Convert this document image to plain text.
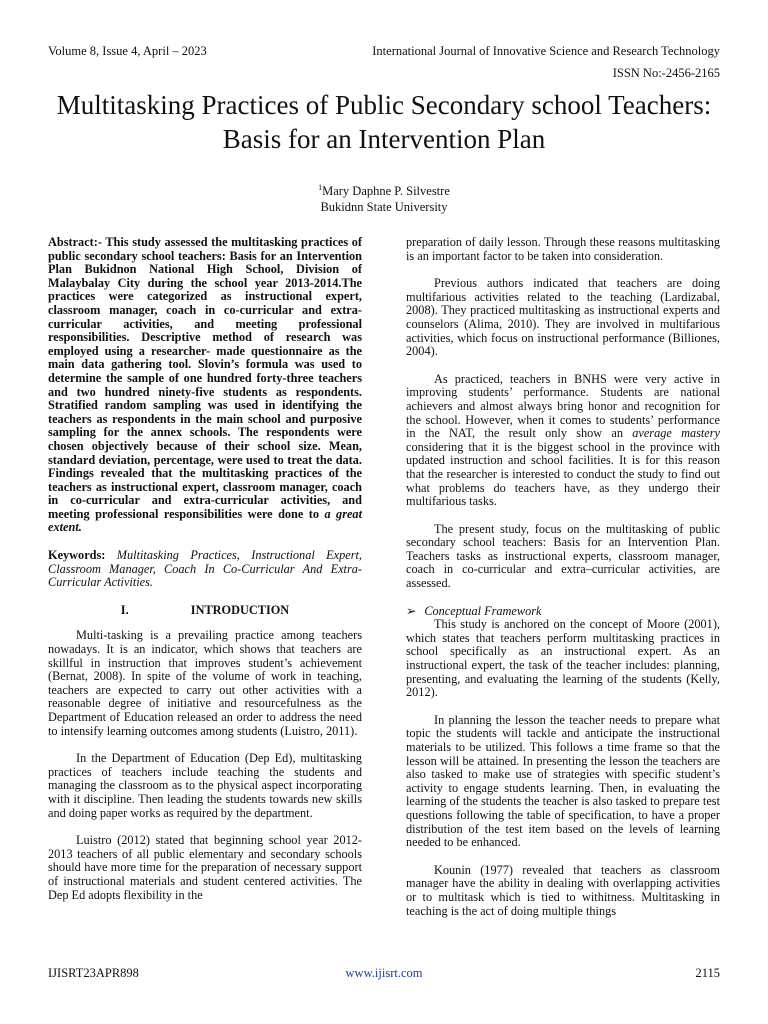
Volume 8, Issue 4, April – 2023	International Journal of Innovative Science and Research Technology
ISSN No:-2456-2165
Multitasking Practices of Public Secondary school Teachers: Basis for an Intervention Plan
$^1$Mary Daphne P. Silvestre
Bukidnn State University

Abstract:- This study assessed the multitasking practices of public secondary school teachers: Basis for an Intervention Plan Bukidnon National High School, Division of Malaybalay City during the school year 2013-2014.The practices were categorized as instructional expert, classroom manager, coach in co-curricular and extra-curricular activities, and meeting professional responsibilities. Descriptive method of research was employed using a researcher- made questionnaire as the main data gathering tool. Slovin’s formula was used to determine the sample of one hundred forty-three teachers and two hundred ninety-five students as respondents. Stratified random sampling was used in identifying the teachers as respondents in the main school and purposive sampling for the annex schools. The respondents were chosen objectively because of their school size. Mean, standard deviation, percentage, were used to treat the data. Findings revealed that the multitasking practices of the teachers as instructional expert, classroom manager, coach in co-curricular and extra-curricular activities, and meeting professional responsibilities were done to a great extent.

Keywords: Multitasking Practices, Instructional Expert, Classroom Manager, Coach In Co-Curricular And Extra-Curricular Activities.

I.	INTRODUCTION

Multi-tasking is a prevailing practice among teachers nowadays. It is an indicator, which shows that teachers are skillful in instruction that improves student’s achievement (Bernat, 2008). In spite of the volume of work in teaching, teachers are expected to carry out other activities with a reasonable degree of initiative and resourcefulness as the Department of Education released an order to address the need to intensify learning outcomes among students (Luistro, 2011).

In the Department of Education (Dep Ed), multitasking practices of teachers include teaching the students and managing the classroom as to the physical aspect incorporating with it discipline. Then leading the students towards new skills and doing paper works as required by the department.

Luistro (2012) stated that beginning school year 2012-2013 teachers of all public elementary and secondary schools should have more time for the preparation of necessary support of instructional materials and student centered activities. The Dep Ed adopts flexibility in the

preparation of daily lesson. Through these reasons multitasking is an important factor to be taken into consideration.

Previous authors indicated that teachers are doing multifarious activities related to the teaching (Lardizabal, 2008). They practiced multitasking as instructional experts and counselors (Alima, 2010). They are involved in multifarious activities, which focus on instructional performance (Billiones, 2004).

As practiced, teachers in BNHS were very active in improving students’ performance. Students are national achievers and almost always bring honor and recognition for the school. However, when it comes to students’ performance in the NAT, the result only show an average mastery considering that it is the biggest school in the province with updated instruction and school facilities. It is for this reason that the researcher is interested to conduct the study to find out what problems do teachers have, as they undergo their multifarious tasks.

The present study, focus on the multitasking of public secondary school teachers: Basis for an Intervention Plan. Teachers tasks as instructional experts, classroom manager, coach in co-curricular and extra–curricular activities, are assessed.

➢ Conceptual Framework

This study is anchored on the concept of Moore (2001), which states that teachers perform multitasking practices in school specifically as an instructional expert. As an instructional expert, the task of the teacher includes: planning, presenting, and evaluating the learning of the students (Kelly, 2012).

In planning the lesson the teacher needs to prepare what topic the students will tackle and anticipate the instructional materials to be utilized. This follows a time frame so that the lesson will be attained. In presenting the lesson the teachers are also tasked to make use of strategies with specific student’s activity to engage students learning. Then, in evaluating the learning of the students the teacher is also tasked to prepare test questions following the table of specification, to have a proper distribution of the test item based on the levels of learning needed to be enhanced.

Kounin (1977) revealed that teachers as classroom manager have the ability in dealing with overlapping activities or to multitask which is tied to withitness. Multitasking in teaching is the act of doing multiple things

IJISRT23APR898	www.ijisrt.com	2115
